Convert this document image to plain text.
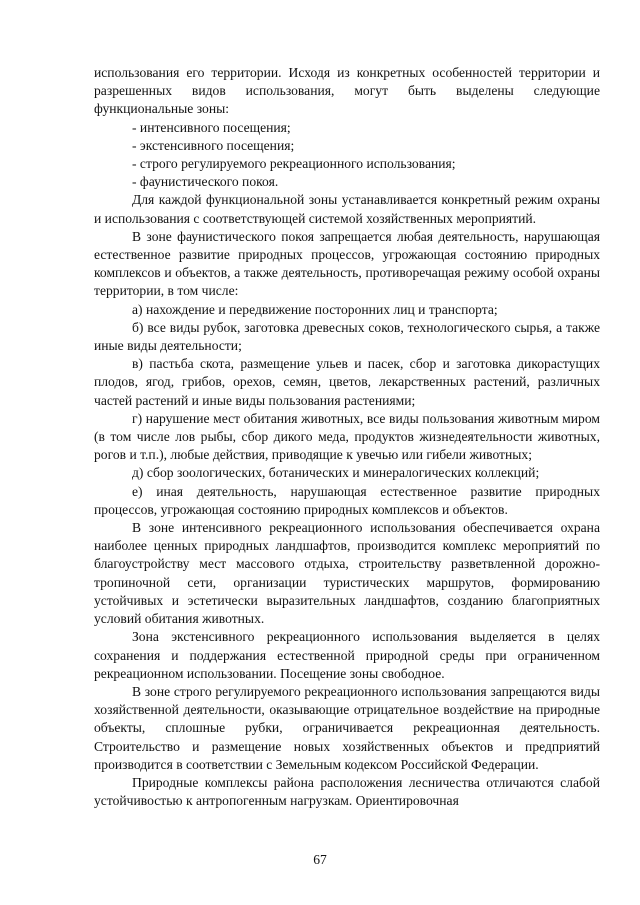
использования его территории. Исходя из конкретных особенностей территории и разрешенных видов использования, могут быть выделены следующие функциональные зоны:

- интенсивного посещения;

- экстенсивного посещения;

- строго регулируемого рекреационного использования;

- фаунистического покоя.

Для каждой функциональной зоны устанавливается конкретный режим охраны и использования с соответствующей системой хозяйственных мероприятий.

В зоне фаунистического покоя запрещается любая деятельность, нарушающая естественное развитие природных процессов, угрожающая состоянию природных комплексов и объектов, а также деятельность, противоречащая режиму особой охраны территории, в том числе:

а) нахождение и передвижение посторонних лиц и транспорта;

б) все виды рубок, заготовка древесных соков, технологического сырья, а также иные виды деятельности;

в) пастьба скота, размещение ульев и пасек, сбор и заготовка дикорастущих плодов, ягод, грибов, орехов, семян, цветов, лекарственных растений, различных частей растений и иные виды пользования растениями;

г) нарушение мест обитания животных, все виды пользования животным миром (в том числе лов рыбы, сбор дикого меда, продуктов жизнедеятельности животных, рогов и т.п.), любые действия, приводящие к увечью или гибели животных;

д) сбор зоологических, ботанических и минералогических коллекций;

е) иная деятельность, нарушающая естественное развитие природных процессов, угрожающая состоянию природных комплексов и объектов.

В зоне интенсивного рекреационного использования обеспечивается охрана наиболее ценных природных ландшафтов, производится комплекс мероприятий по благоустройству мест массового отдыха, строительству разветвленной дорожно-тропиночной сети, организации туристических маршрутов, формированию устойчивых и эстетически выразительных ландшафтов, созданию благоприятных условий обитания животных.

Зона экстенсивного рекреационного использования выделяется в целях сохранения и поддержания естественной природной среды при ограниченном рекреационном использовании. Посещение зоны свободное.

В зоне строго регулируемого рекреационного использования запрещаются виды хозяйственной деятельности, оказывающие отрицательное воздействие на природные объекты, сплошные рубки, ограничивается рекреационная деятельность. Строительство и размещение новых хозяйственных объектов и предприятий производится в соответствии с Земельным кодексом Российской Федерации.

Природные комплексы района расположения лесничества отличаются слабой устойчивостью к антропогенным нагрузкам. Ориентировочная

67
